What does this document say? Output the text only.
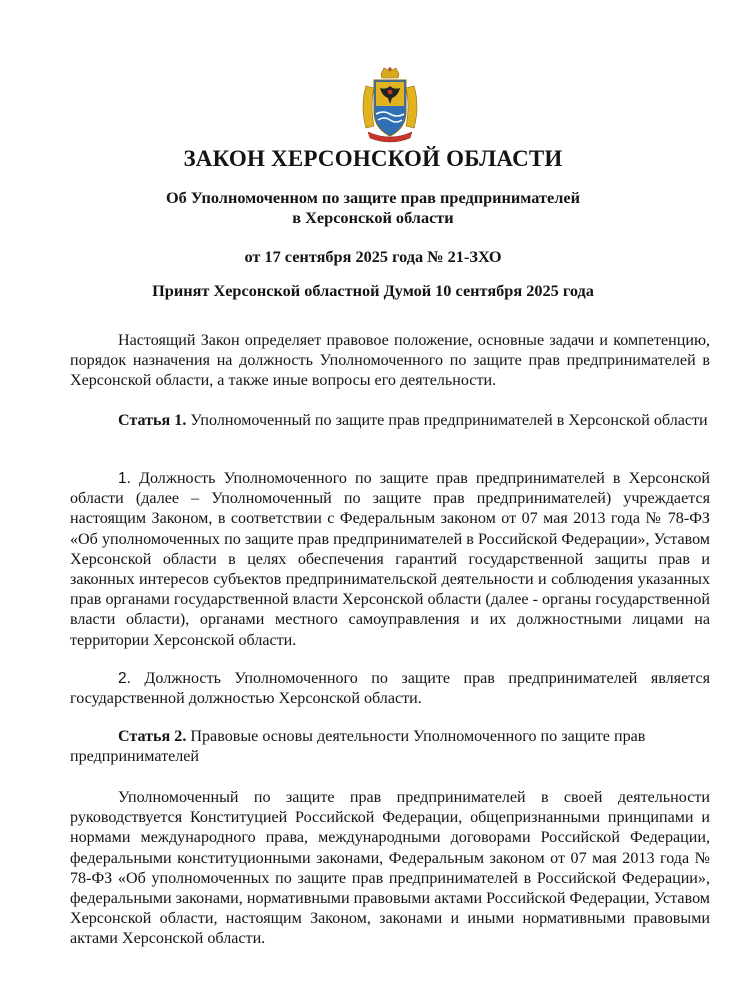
ЗАКОН ХЕРСОНСКОЙ ОБЛАСТИ
Об Уполномоченном по защите прав предпринимателей
в Херсонской области
от 17 сентября 2025 года № 21-ЗХО
Принят Херсонской областной Думой 10 сентября 2025 года
Настоящий Закон определяет правовое положение, основные задачи и компетенцию, порядок назначения на должность Уполномоченного по защите прав предпринимателей в Херсонской области, а также иные вопросы его деятельности.
Статья 1. Уполномоченный по защите прав предпринимателей в Херсонской области
1. Должность Уполномоченного по защите прав предпринимателей в Херсонской области (далее – Уполномоченный по защите прав предпринимателей) учреждается настоящим Законом, в соответствии с Федеральным законом от 07 мая 2013 года № 78-ФЗ «Об уполномоченных по защите прав предпринимателей в Российской Федерации», Уставом Херсонской области в целях обеспечения гарантий государственной защиты прав и законных интересов субъектов предпринимательской деятельности и соблюдения указанных прав органами государственной власти Херсонской области (далее - органы государственной власти области), органами местного самоуправления и их должностными лицами на территории Херсонской области.
2. Должность Уполномоченного по защите прав предпринимателей является государственной должностью Херсонской области.
Статья 2. Правовые основы деятельности Уполномоченного по защите прав предпринимателей
Уполномоченный по защите прав предпринимателей в своей деятельности руководствуется Конституцией Российской Федерации, общепризнанными принципами и нормами международного права, международными договорами Российской Федерации, федеральными конституционными законами, Федеральным законом от 07 мая 2013 года № 78-ФЗ «Об уполномоченных по защите прав предпринимателей в Российской Федерации», федеральными законами, нормативными правовыми актами Российской Федерации, Уставом Херсонской области, настоящим Законом, законами и иными нормативными правовыми актами Херсонской области.
